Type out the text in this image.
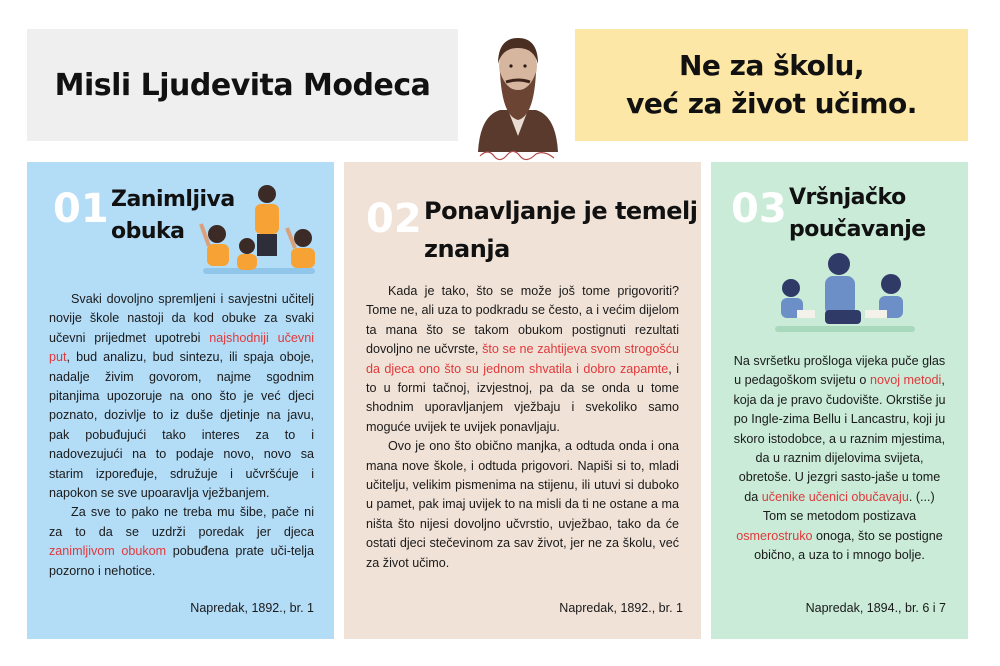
Misli Ljudevita Modeca
Ne za školu,
već za život učimo.
01 Zanimljiva
obuka

Svaki dovoljno spremljeni i savjestni učitelj novije škole nastoji da kod obuke za svaki učevni prijedmet upotrebi najshodniji učevni put, bud analizu, bud sintezu, ili spaja oboje, nadalje živim govorom, najme sgodnim pitanjima upozoruje na ono što je već djeci poznato, dozivlje to iz duše djetinje na javu, pak pobuđujući tako interes za to i nadovezujući na to podaje novo, novo sa starim izpoređuje, sdružuje i učvršćuje i napokon se sve upoaravlja vježbanjem.

Za sve to pako ne treba mu šibe, pače ni za to da se uzdrži poredak jer djeca zanimljivom obukom pobuđena prate uči-telja pozorno i nehotice.

Napredak, 1892., br. 1
02 Ponavljanje je temelj
znanja

Kada je tako, što se može još tome prigovoriti? Tome ne, ali uza to podkradu se često, a i većim dijelom ta mana što se takom obukom postignuti rezultati dovoljno ne učvrste, što se ne zahtijeva svom strogošću da djeca ono što su jednom shvatila i dobro zapamte, i to u formi tačnoj, izvjestnoj, pa da se onda u tome shodnim uporavljanjem vježbaju i svekoliko samo moguće uvijek te uvijek ponavljaju.

Ovo je ono što obično manjka, a odtuda onda i ona mana nove škole, i odtuda prigovori. Napiši si to, mladi učitelju, velikim pismenima na stijenu, ili utuvi si duboko u pamet, pak imaj uvijek to na misli da ti ne ostane a ma ništa što nijesi dovoljno učvrstio, uvježbao, tako da će ostati djeci stečevinom za sav život, jer ne za školu, već za život učimo.

Napredak, 1892., br. 1
03 Vršnjačko
poučavanje

Na svršetku prošloga vijeka puče glas u pedagoškom svijetu o novoj metodi, koja da je pravo čudovište. Okrstiše ju po Ingle-zima Bellu i Lancastru, koji ju skoro istodobce, a u raznim mjestima, da u raznim dijelovima svijeta, obretoše. U jezgri sasto-jaše u tome da učenike učenici obučavaju. (...) Tom se metodom postizava osmerostruko onoga, što se postigne obično, a uza to i mnogo bolje.

Napredak, 1894., br. 6 i 7
